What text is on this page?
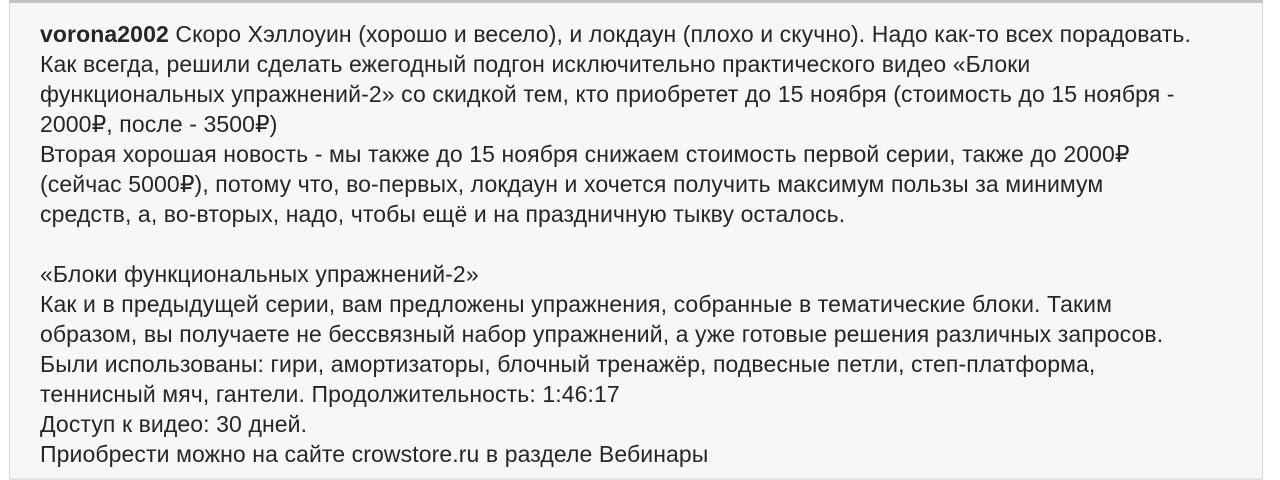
vorona2002 Скоро Хэллоуин (хорошо и весело), и локдаун (плохо и скучно). Надо как-то всех порадовать.
Как всегда, решили сделать ежегодный подгон исключительно практического видео «Блоки
функциональных упражнений-2» со скидкой тем, кто приобретет до 15 ноября (стоимость до 15 ноября -
2000₽, после - 3500₽)
Вторая хорошая новость - мы также до 15 ноября снижаем стоимость первой серии, также до 2000₽
(сейчас 5000₽), потому что, во-первых, локдаун и хочется получить максимум пользы за минимум
средств, а, во-вторых, надо, чтобы ещё и на праздничную тыкву осталось.
«Блоки функциональных упражнений-2»
Как и в предыдущей серии, вам предложены упражнения, собранные в тематические блоки. Таким
образом, вы получаете не бессвязный набор упражнений, а уже готовые решения различных запросов.
Были использованы: гири, амортизаторы, блочный тренажёр, подвесные петли, степ-платформа,
теннисный мяч, гантели. Продолжительность: 1:46:17
Доступ к видео: 30 дней.
Приобрести можно на сайте crowstore.ru в разделе Вебинары
